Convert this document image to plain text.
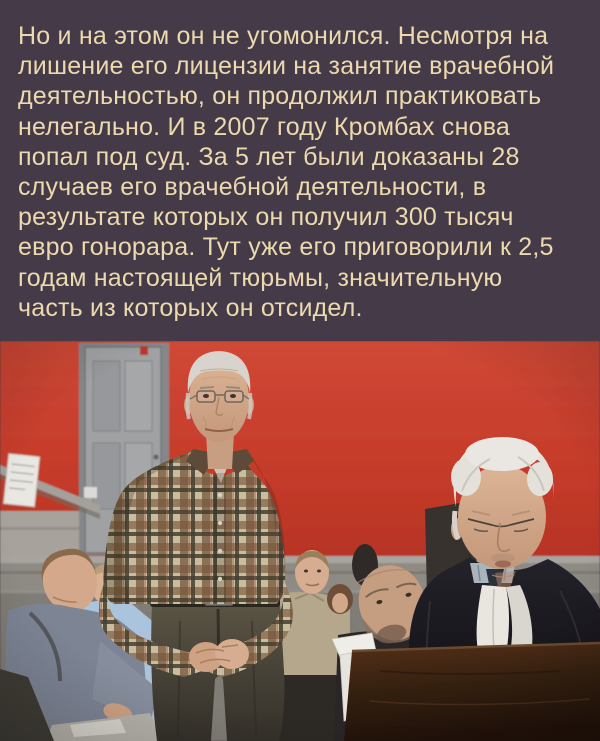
Но и на этом он не угомонился. Несмотря на
лишение его лицензии на занятие врачебной
деятельностью, он продолжил практиковать
нелегально. И в 2007 году Кромбах снова
попал под суд. За 5 лет были доказаны 28
случаев его врачебной деятельности, в
результате которых он получил 300 тысяч
евро гонорара. Тут уже его приговорили к 2,5
годам настоящей тюрьмы, значительную
часть из которых он отсидел.
